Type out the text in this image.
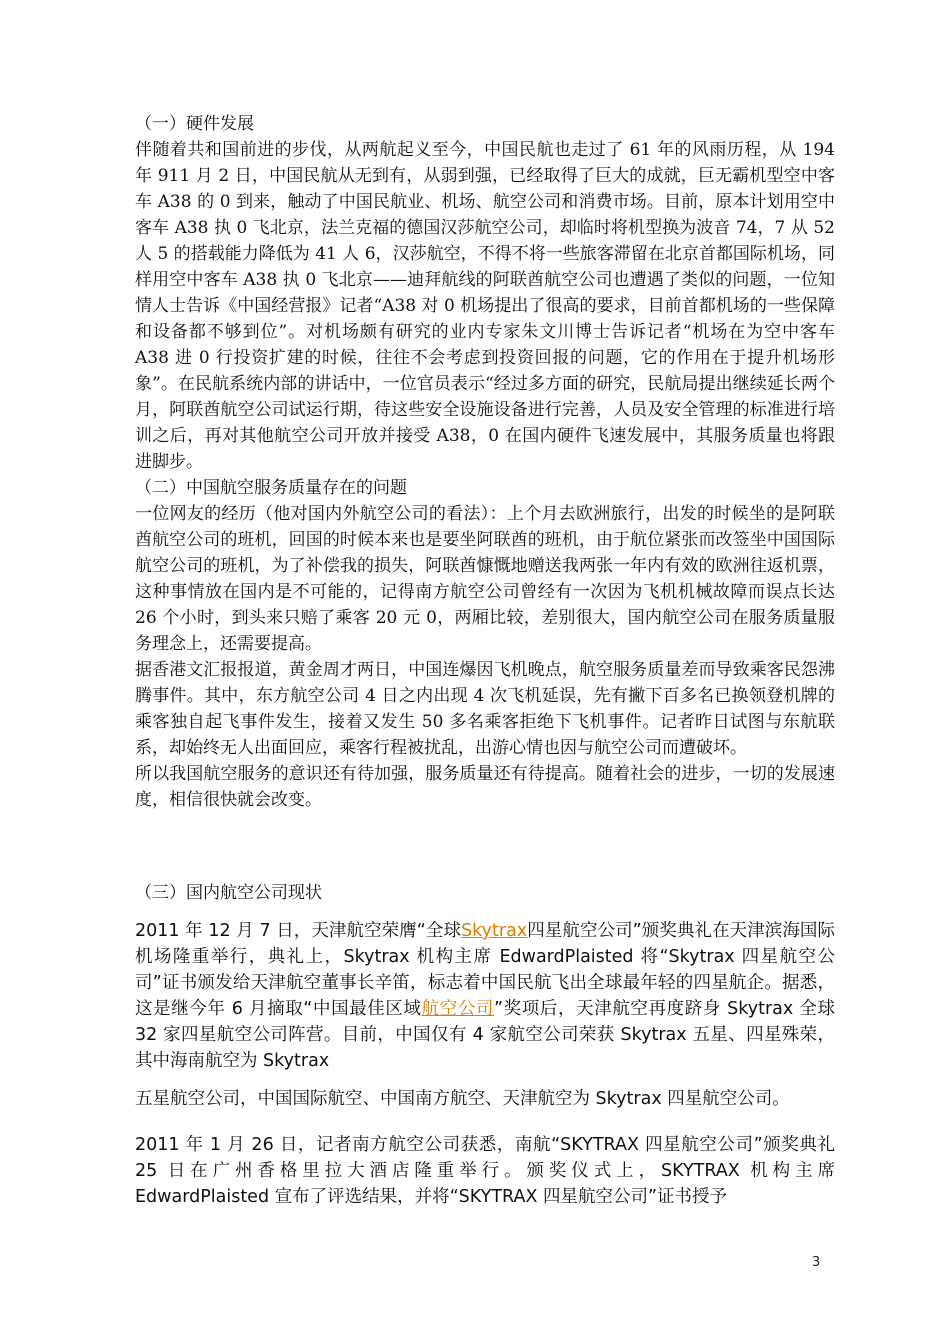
（一）硬件发展

伴随着共和国前进的步伐，从两航起义至今，中国民航也走过了 61 年的风雨历程，从 194 年 911 月 2 日，中国民航从无到有，从弱到强，已经取得了巨大的成就，巨无霸机型空中客车 A38 的 0 到来，触动了中国民航业、机场、航空公司和消费市场。目前，原本计划用空中客车 A38 执 0 飞北京，法兰克福的德国汉莎航空公司，却临时将机型换为波音 74，7 从 52 人 5 的搭载能力降低为 41 人 6，汉莎航空，不得不将一些旅客滞留在北京首都国际机场，同样用空中客车 A38 执 0 飞北京——迪拜航线的阿联酋航空公司也遭遇了类似的问题，一位知情人士告诉《中国经营报》记者“A38 对 0 机场提出了很高的要求，目前首都机场的一些保障和设备都不够到位”。对机场颇有研究的业内专家朱文川博士告诉记者“机场在为空中客车 A38 进 0 行投资扩建的时候，往往不会考虑到投资回报的问题，它的作用在于提升机场形象”。在民航系统内部的讲话中，一位官员表示“经过多方面的研究，民航局提出继续延长两个月，阿联酋航空公司试运行期，待这些安全设施设备进行完善，人员及安全管理的标准进行培训之后，再对其他航空公司开放并接受 A38，0 在国内硬件飞速发展中，其服务质量也将跟进脚步。

（二）中国航空服务质量存在的问题

一位网友的经历（他对国内外航空公司的看法）：上个月去欧洲旅行，出发的时候坐的是阿联酋航空公司的班机，回国的时候本来也是要坐阿联酋的班机，由于航位紧张而改签坐中国国际航空公司的班机，为了补偿我的损失，阿联酋慷慨地赠送我两张一年内有效的欧洲往返机票，这种事情放在国内是不可能的，记得南方航空公司曾经有一次因为飞机机械故障而误点长达 26 个小时，到头来只赔了乘客 20 元 0，两厢比较，差别很大，国内航空公司在服务质量服务理念上，还需要提高。

据香港文汇报报道，黄金周才两日，中国连爆因飞机晚点，航空服务质量差而导致乘客民怨沸腾事件。其中，东方航空公司 4 日之内出现 4 次飞机延误，先有撇下百多名已换领登机牌的乘客独自起飞事件发生，接着又发生 50 多名乘客拒绝下飞机事件。记者昨日试图与东航联系，却始终无人出面回应，乘客行程被扰乱，出游心情也因与航空公司而遭破坏。

所以我国航空服务的意识还有待加强，服务质量还有待提高。随着社会的进步，一切的发展速度，相信很快就会改变。

（三）国内航空公司现状

2011 年 12 月 7 日，天津航空荣膺“全球Skytrax四星航空公司”颁奖典礼在天津滨海国际机场隆重举行，典礼上，Skytrax 机构主席 EdwardPlaisted 将“Skytrax 四星航空公司”证书颁发给天津航空董事长辛笛，标志着中国民航飞出全球最年轻的四星航企。据悉，这是继今年 6 月摘取“中国最佳区域航空公司”奖项后，天津航空再度跻身 Skytrax 全球 32 家四星航空公司阵营。目前，中国仅有 4 家航空公司荣获 Skytrax 五星、四星殊荣，其中海南航空为 Skytrax

五星航空公司，中国国际航空、中国南方航空、天津航空为 Skytrax 四星航空公司。

2011 年 1 月 26 日，记者南方航空公司获悉，南航“SKYTRAX 四星航空公司”颁奖典礼 25 日在广州香格里拉大酒店隆重举行。颁奖仪式上，SKYTRAX 机构主席 EdwardPlaisted 宣布了评选结果，并将“SKYTRAX 四星航空公司”证书授予

3
